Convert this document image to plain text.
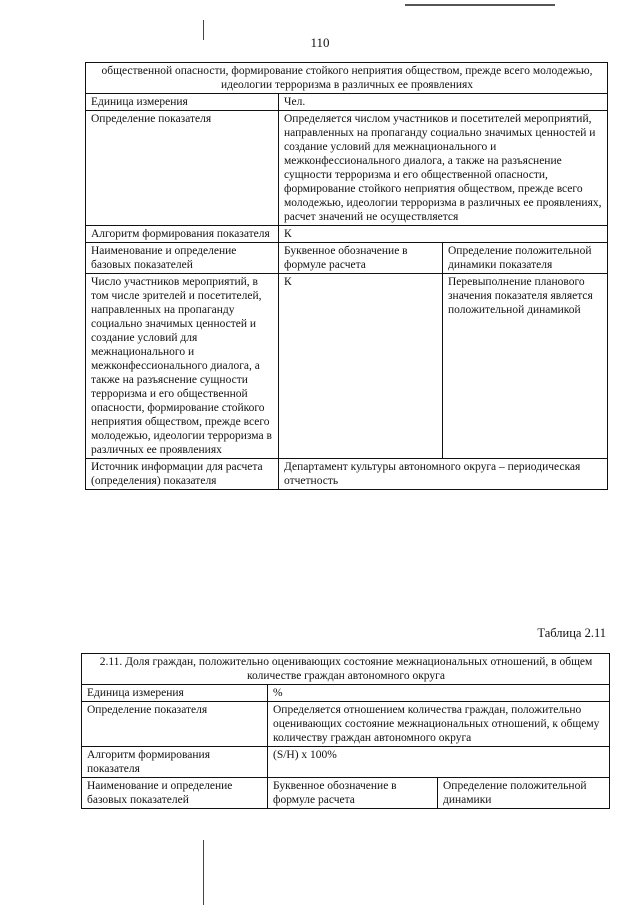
110
общественной опасности, формирование стойкого неприятия обществом, прежде всего молодежью, идеологии терроризма в различных ее проявлениях		
Единица измерения	Чел.	
Определение показателя	Определяется числом участников и посетителей мероприятий, направленных на пропаганду социально значимых ценностей и создание условий для межнационального и межконфессионального диалога, а также на разъяснение сущности терроризма и его общественной опасности, формирование стойкого неприятия обществом, прежде всего молодежью, идеологии терроризма в различных ее проявлениях, расчет значений не осуществляется	
Алгоритм формирования показателя	К	
Наименование и определение базовых показателей	Буквенное обозначение в формуле расчета	Определение положительной динамики показателя
Число участников мероприятий, в том числе зрителей и посетителей, направленных на пропаганду социально значимых ценностей и создание условий для межнационального и межконфессионального диалога, а также на разъяснение сущности терроризма и его общественной опасности, формирование стойкого неприятия обществом, прежде всего молодежью, идеологии терроризма в различных ее проявлениях	К	Перевыполнение планового значения показателя является положительной динамикой
Источник информации для расчета (определения) показателя	Департамент культуры автономного округа – периодическая отчетность	
Таблица 2.11
2.11. Доля граждан, положительно оценивающих состояние межнациональных отношений, в общем количестве граждан автономного округа		
Единица измерения	%	
Определение показателя	Определяется отношением количества граждан, положительно оценивающих состояние межнациональных отношений, к общему количеству граждан автономного округа	
Алгоритм формирования показателя	(S/H) х 100%	
Наименование и определение базовых показателей	Буквенное обозначение в формуле расчета	Определение положительной динамики
